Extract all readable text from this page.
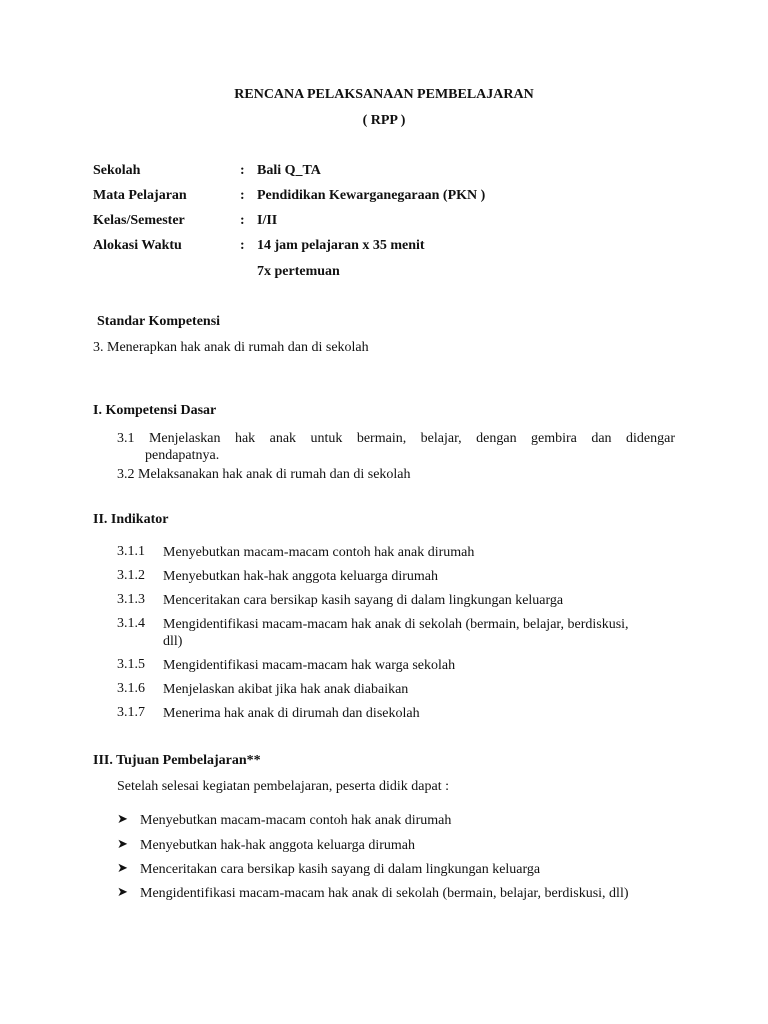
RENCANA PELAKSANAAN PEMBELAJARAN
( RPP )
Sekolah	: Bali Q_TA
Mata Pelajaran	: Pendidikan Kewarganegaraan (PKN )
Kelas/Semester	: I/II
Alokasi Waktu	: 14 jam pelajaran x 35 menit
7x pertemuan
Standar Kompetensi
3. Menerapkan hak anak di rumah dan di sekolah
I. Kompetensi Dasar
3.1 Menjelaskan hak anak untuk bermain, belajar, dengan gembira dan didengar
pendapatnya.
3.2 Melaksanakan hak anak di rumah dan di sekolah
II. Indikator
3.1.1 Menyebutkan macam-macam contoh hak anak dirumah
3.1.2 Menyebutkan hak-hak anggota keluarga dirumah
3.1.3 Menceritakan cara bersikap kasih sayang di dalam lingkungan keluarga
3.1.4 Mengidentifikasi macam-macam hak anak di sekolah (bermain, belajar, berdiskusi, dll)
3.1.5 Mengidentifikasi macam-macam hak warga sekolah
3.1.6 Menjelaskan akibat jika hak anak diabaikan
3.1.7 Menerima hak anak di dirumah dan disekolah
III. Tujuan Pembelajaran**
Setelah selesai kegiatan pembelajaran, peserta didik dapat :
➤ Menyebutkan macam-macam contoh hak anak dirumah
➤ Menyebutkan hak-hak anggota keluarga dirumah
➤ Menceritakan cara bersikap kasih sayang di dalam lingkungan keluarga
➤ Mengidentifikasi macam-macam hak anak di sekolah (bermain, belajar, berdiskusi, dll)
